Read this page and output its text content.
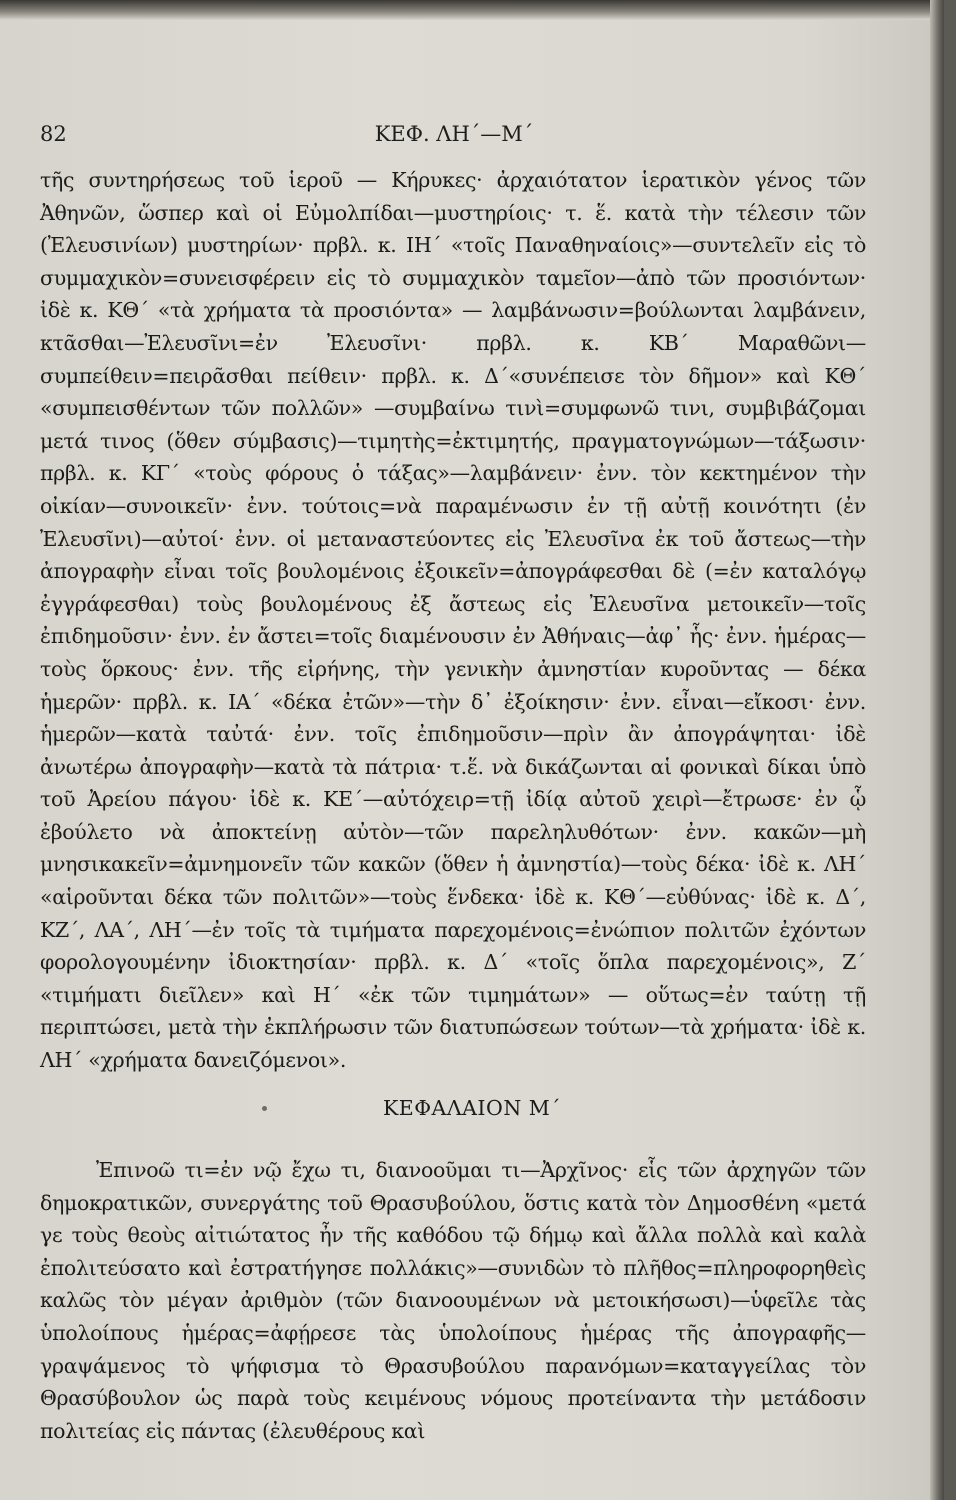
82	ΚΕΦ. ΛΗ΄—Μ΄

τῆς συντηρήσεως τοῦ ἱεροῦ — Κήρυκες· ἀρχαιότατον ἱερατικὸν γένος τῶν Ἀθηνῶν, ὥσπερ καὶ οἱ Εὐμολπίδαι—μυστηρίοις· τ. ἕ. κατὰ τὴν τέλεσιν τῶν (Ἐλευσινίων) μυστηρίων· πρβλ. κ. ΙΗ΄ «τοῖς Παναθηναίοις»—συντελεῖν εἰς τὸ συμμαχικὸν=συνεισφέρειν εἰς τὸ συμμαχικὸν ταμεῖον—ἀπὸ τῶν προσιόντων· ἰδὲ κ. ΚΘ΄ «τὰ χρήματα τὰ προσιόντα» — λαμβάνωσιν=βούλωνται λαμβάνειν, κτᾶσθαι—Ἐλευσῖνι=ἐν Ἐλευσῖνι· πρβλ. κ. ΚΒ΄ Μαραθῶνι—συμπείθειν=πειρᾶσθαι πείθειν· πρβλ. κ. Δ΄«συνέπεισε τὸν δῆμον» καὶ ΚΘ΄ «συμπεισθέντων τῶν πολλῶν» —συμβαίνω τινὶ=συμφωνῶ τινι, συμβιβάζομαι μετά τινος (ὅθεν σύμβασις)—τιμητὴς=ἐκτιμητής, πραγματογνώμων—τάξωσιν· πρβλ. κ. ΚΓ΄ «τοὺς φόρους ὁ τάξας»—λαμβάνειν· ἐνν. τὸν κεκτημένον τὴν οἰκίαν—συνοικεῖν· ἐνν. τούτοις=νὰ παραμένωσιν ἐν τῇ αὐτῇ κοινότητι (ἐν Ἐλευσῖνι)—αὐτοί· ἐνν. οἱ μεταναστεύοντες εἰς Ἐλευσῖνα ἐκ τοῦ ἄστεως—τὴν ἀπογραφὴν εἶναι τοῖς βουλομένοις ἐξοικεῖν=ἀπογράφεσθαι δὲ (=ἐν καταλόγῳ ἐγγράφεσθαι) τοὺς βουλομένους ἐξ ἄστεως εἰς Ἐλευσῖνα μετοικεῖν—τοῖς ἐπιδημοῦσιν· ἐνν. ἐν ἄστει=τοῖς διαμένουσιν ἐν Ἀθήναις—ἀφ᾽ ἧς· ἐνν. ἡμέρας—τοὺς ὅρκους· ἐνν. τῆς εἰρήνης, τὴν γενικὴν ἀμνηστίαν κυροῦντας — δέκα ἡμερῶν· πρβλ. κ. ΙΑ΄ «δέκα ἐτῶν»—τὴν δ᾽ ἐξοίκησιν· ἐνν. εἶναι—εἴκοσι· ἐνν. ἡμερῶν—κατὰ ταὐτά· ἐνν. τοῖς ἐπιδημοῦσιν—πρὶν ἂν ἀπογράψηται· ἰδὲ ἀνωτέρω ἀπογραφὴν—κατὰ τὰ πάτρια· τ.ἕ. νὰ δικάζωνται αἱ φονικαὶ δίκαι ὑπὸ τοῦ Ἀρείου πάγου· ἰδὲ κ. ΚΕ΄—αὐτόχειρ=τῇ ἰδίᾳ αὐτοῦ χειρὶ—ἔτρωσε· ἐν ᾧ ἐβούλετο νὰ ἀποκτείνῃ αὐτὸν—τῶν παρεληλυθότων· ἐνν. κακῶν—μὴ μνησικακεῖν=ἀμνημονεῖν τῶν κακῶν (ὅθεν ἡ ἀμνηστία)—τοὺς δέκα· ἰδὲ κ. ΛΗ΄ «αἱροῦνται δέκα τῶν πολιτῶν»—τοὺς ἕνδεκα· ἰδὲ κ. ΚΘ΄—εὐθύνας· ἰδὲ κ. Δ΄, ΚΖ΄, ΛΑ΄, ΛΗ΄—ἐν τοῖς τὰ τιμήματα παρεχομένοις=ἐνώπιον πολιτῶν ἐχόντων φορολογουμένην ἰδιοκτησίαν· πρβλ. κ. Δ΄ «τοῖς ὅπλα παρεχομένοις», Ζ΄ «τιμήματι διεῖλεν» καὶ Η΄ «ἐκ τῶν τιμημάτων» — οὕτως=ἐν ταύτῃ τῇ περιπτώσει, μετὰ τὴν ἐκπλήρωσιν τῶν διατυπώσεων τούτων—τὰ χρήματα· ἰδὲ κ. ΛΗ΄ «χρήματα δανειζόμενοι».

ΚΕΦΑΛΑΙΟΝ Μ΄

Ἐπινοῶ τι=ἐν νῷ ἔχω τι, διανοοῦμαι τι—Ἀρχῖνος· εἷς τῶν ἀρχηγῶν τῶν δημοκρατικῶν, συνεργάτης τοῦ Θρασυβούλου, ὅστις κατὰ τὸν Δημοσθένη «μετά γε τοὺς θεοὺς αἰτιώτατος ἦν τῆς καθόδου τῷ δήμῳ καὶ ἄλλα πολλὰ καὶ καλὰ ἐπολιτεύσατο καὶ ἐστρατήγησε πολλάκις»—συνιδὼν τὸ πλῆθος=πληροφορηθεὶς καλῶς τὸν μέγαν ἀριθμὸν (τῶν διανοουμένων νὰ μετοικήσωσι)—ὑφεῖλε τὰς ὑπολοίπους ἡμέρας=ἀφῄρεσε τὰς ὑπολοίπους ἡμέρας τῆς ἀπογραφῆς—γραψάμενος τὸ ψήφισμα τὸ Θρασυβούλου παρανόμων=καταγγείλας τὸν Θρασύβουλον ὡς παρὰ τοὺς κειμένους νόμους προτείναντα τὴν μετάδοσιν πολιτείας εἰς πάντας (ἐλευθέρους καὶ
